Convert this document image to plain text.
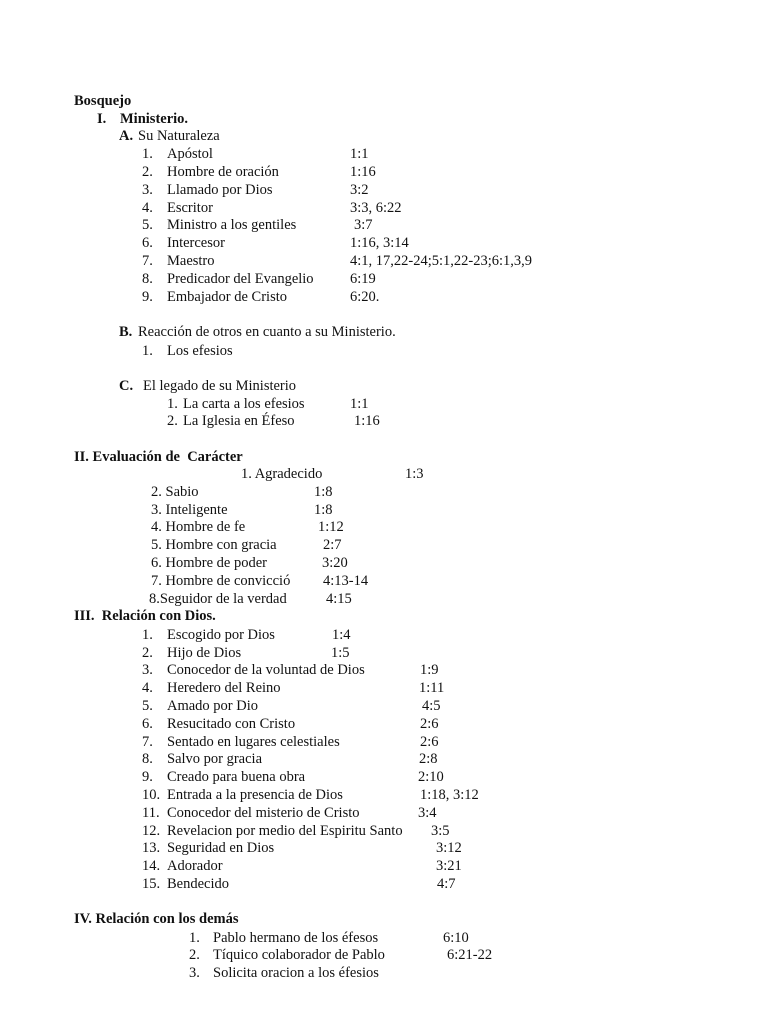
Bosquejo
I. Ministerio.
A. Su Naturaleza
1. Apóstol	1:1
2. Hombre de oración	1:16
3. Llamado por Dios	3:2
4. Escritor	3:3, 6:22
5. Ministro a los gentiles	3:7
6. Intercesor	1:16, 3:14
7. Maestro	4:1, 17,22-24;5:1,22-23;6:1,3,9
8. Predicador del Evangelio	6:19
9. Embajador de Cristo	6:20.
B. Reacción de otros en cuanto a su Ministerio.
1. Los efesios
C. El legado de su Ministerio
1. La carta a los efesios	1:1
2. La Iglesia en Éfeso	1:16
II. Evaluación de  Carácter
1. Agradecido	1:3
2. Sabio	1:8
3. Inteligente	1:8
4. Hombre de fe	1:12
5. Hombre con gracia	2:7
6. Hombre de poder	3:20
7. Hombre de convicció 4:13-14
8.Seguidor de la verdad	4:15
III.  Relación con Dios.
1. Escogido por Dios	1:4
2. Hijo de Dios	1:5
3. Conocedor de la voluntad de Dios	1:9
4. Heredero del Reino	1:11
5. Amado por Dio	4:5
6. Resucitado con Cristo	2:6
7. Sentado en lugares celestiales	2:6
8. Salvo por gracia	2:8
9. Creado para buena obra	2:10
10. Entrada a la presencia de Dios	1:18, 3:12
11. Conocedor del misterio de Cristo	3:4
12. Revelacion por medio del Espiritu Santo 3:5
13. Seguridad en Dios	3:12
14. Adorador	3:21
15. Bendecido	4:7
IV. Relación con los demás
1. Pablo hermano de los éfesos	6:10
2. Tíquico colaborador de Pablo	6:21-22
3. Solicita oracion a los éfesios
